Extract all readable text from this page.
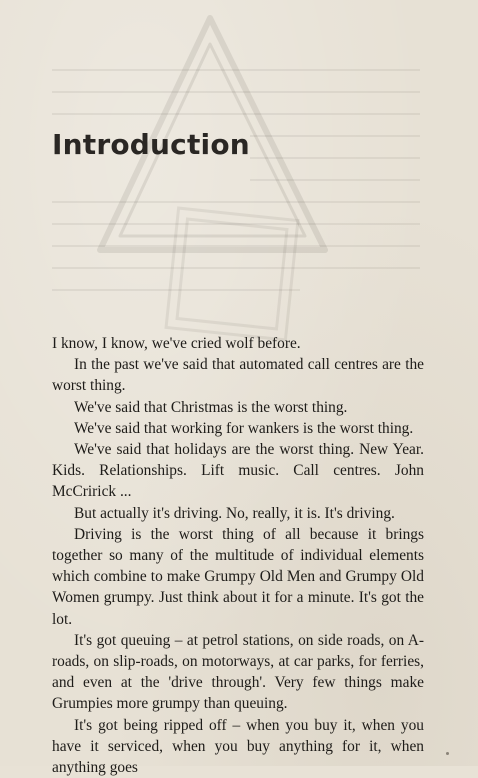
Introduction

I know, I know, we've cried wolf before.

In the past we've said that automated call centres are the worst thing.

We've said that Christmas is the worst thing.

We've said that working for wankers is the worst thing.

We've said that holidays are the worst thing. New Year. Kids. Relationships. Lift music. Call centres. John McCririck ...

But actually it's driving. No, really, it is. It's driving.

Driving is the worst thing of all because it brings together so many of the multitude of individual elements which combine to make Grumpy Old Men and Grumpy Old Women grumpy. Just think about it for a minute. It's got the lot.

It's got queuing – at petrol stations, on side roads, on A-roads, on slip-roads, on motorways, at car parks, for ferries, and even at the 'drive through'. Very few things make Grumpies more grumpy than queuing.

It's got being ripped off – when you buy it, when you have it serviced, when you buy anything for it, when anything goes
